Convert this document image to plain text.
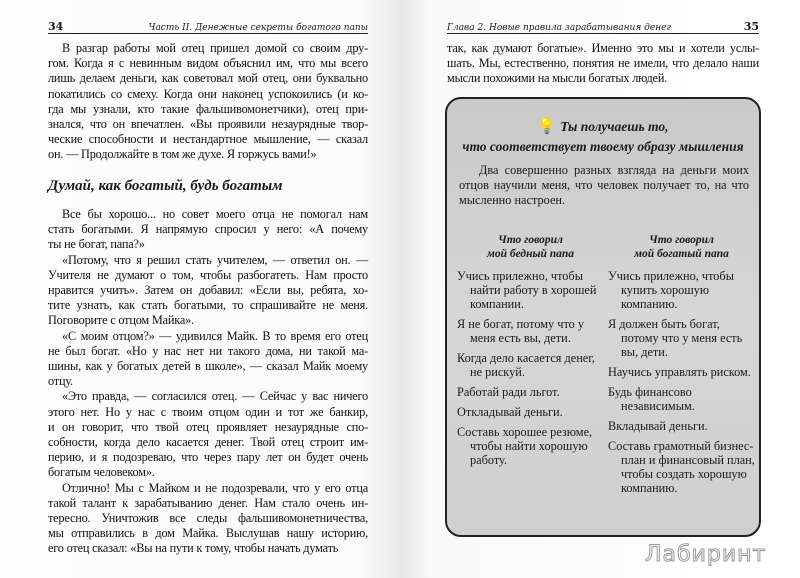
34	Часть II. Денежные секреты богатого папы
В разгар работы мой отец пришел домой со своим дру-
гом. Когда я с невинным видом объяснил им, что мы всего
лишь делаем деньги, как советовал мой отец, они буквально
покатились со смеху. Когда они наконец успокоились (и ко-
гда мы узнали, кто такие фальшивомонетчики), отец при-
знался, что он впечатлен. «Вы проявили незаурядные твор-
ческие способности и нестандартное мышление, — сказал
он. — Продолжайте в том же духе. Я горжусь вами!»
Думай, как богатый, будь богатым
Все бы хорошо... но совет моего отца не помогал нам
стать богатыми. Я напрямую спросил у него: «А почему
ты не богат, папа?»
«Потому, что я решил стать учителем, — ответил он. —
Учителя не думают о том, чтобы разбогатеть. Нам просто
нравится учить». Затем он добавил: «Если вы, ребята, хо-
тите узнать, как стать богатыми, то спрашивайте не меня.
Поговорите с отцом Майка».
«С моим отцом?» — удивился Майк. В то время его отец
не был богат. «Но у нас нет ни такого дома, ни такой ма-
шины, как у богатых детей в школе», — сказал Майк моему
отцу.
«Это правда, — согласился отец. — Сейчас у вас ничего
этого нет. Но у нас с твоим отцом один и тот же банкир,
и он говорит, что твой отец проявляет незаурядные спо-
собности, когда дело касается денег. Твой отец строит им-
перию, и я подозреваю, что через пару лет он будет очень
богатым человеком».
Отлично! Мы с Майком и не подозревали, что у его отца
такой талант к зарабатыванию денег. Нам стало очень ин-
тересно. Уничтожив все следы фальшивомонетничества,
мы отправились в дом Майка. Выслушав нашу историю,
его отец сказал: «Вы на пути к тому, чтобы начать думать
Глава 2. Новые правила зарабатывания денег	35
так, как думают богатые». Именно это мы и хотели услы-
шать. Мы, естественно, понятия не имели, что делало наши
мысли похожими на мысли богатых людей.
💡 Ты получаешь то,
что соответствует твоему образу мышления
Два совершенно разных взгляда на деньги моих отцов научили меня, что человек получает то, на что мысленно настроен.
Что говорил
мой бедный папа
Учись прилежно, чтобы найти работу в хорошей компании.
Я не богат, потому что у меня есть вы, дети.
Когда дело касается денег, не рискуй.
Работай ради льгот.
Откладывай деньги.
Составь хорошее резюме, чтобы найти хорошую работу.
Что говорил
мой богатый папа
Учись прилежно, чтобы купить хорошую компанию.
Я должен быть богат, потому что у меня есть вы, дети.
Научись управлять риском.
Будь финансово независимым.
Вкладывай деньги.
Составь грамотный бизнес-план и финансовый план, чтобы создать хорошую компанию.
Лабиринт
